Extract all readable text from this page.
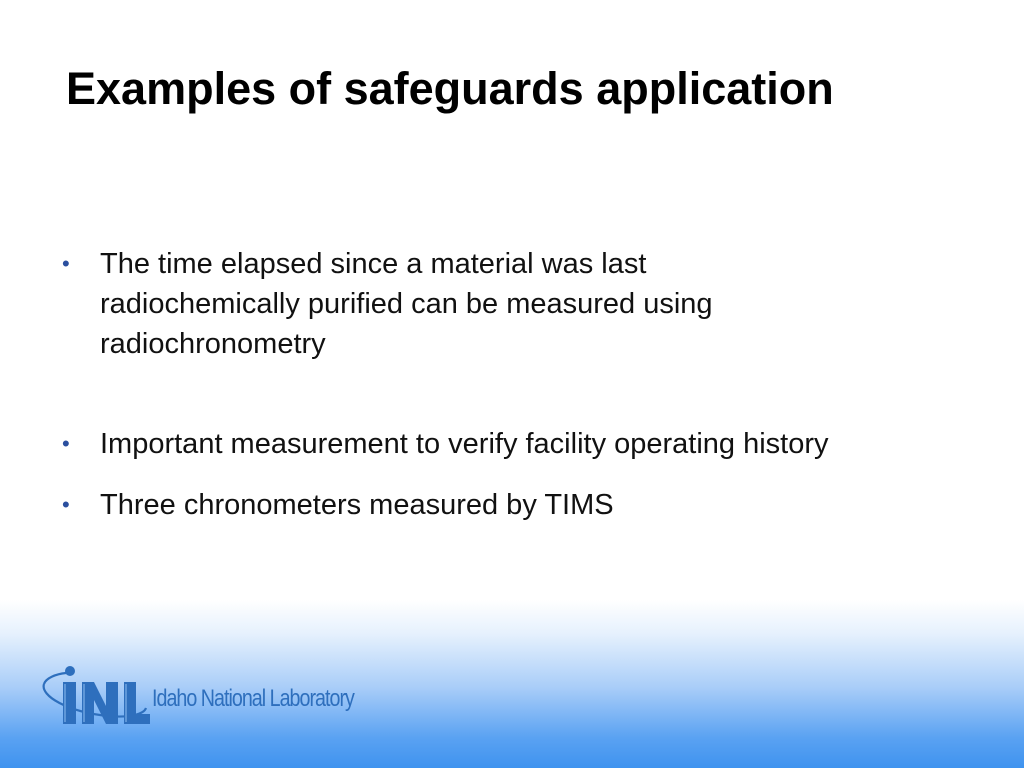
Examples of safeguards application
• The time elapsed since a material was last
radiochemically purified can be measured using
radiochronometry
• Important measurement to verify facility operating history
• Three chronometers measured by TIMS
Idaho National Laboratory
